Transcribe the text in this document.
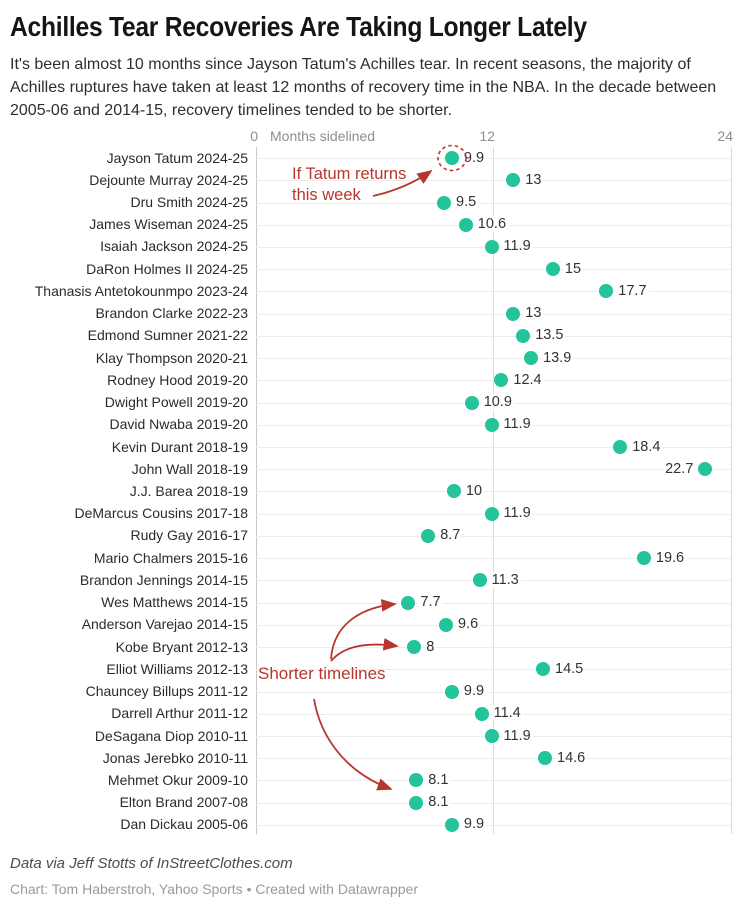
Achilles Tear Recoveries Are Taking Longer Lately

It's been almost 10 months since Jayson Tatum's Achilles tear. In recent seasons, the majority of Achilles ruptures have taken at least 12 months of recovery time in the NBA. In the decade between 2005-06 and 2014-15, recovery timelines tended to be shorter.

0 Months sidelined	12	24
Jayson Tatum 2024-25	9.9
Dejounte Murray 2024-25	13
Dru Smith 2024-25	9.5
James Wiseman 2024-25	10.6
Isaiah Jackson 2024-25	11.9
DaRon Holmes II 2024-25	15
Thanasis Antetokounmpo 2023-24	17.7
Brandon Clarke 2022-23	13
Edmond Sumner 2021-22	13.5
Klay Thompson 2020-21	13.9
Rodney Hood 2019-20	12.4
Dwight Powell 2019-20	10.9
David Nwaba 2019-20	11.9
Kevin Durant 2018-19	18.4
John Wall 2018-19	22.7
J.J. Barea 2018-19	10
DeMarcus Cousins 2017-18	11.9
Rudy Gay 2016-17	8.7
Mario Chalmers 2015-16	19.6
Brandon Jennings 2014-15	11.3
Wes Matthews 2014-15	7.7
Anderson Varejao 2014-15	9.6
Kobe Bryant 2012-13	8
Elliot Williams 2012-13	14.5
Chauncey Billups 2011-12	9.9
Darrell Arthur 2011-12	11.4
DeSagana Diop 2010-11	11.9
Jonas Jerebko 2010-11	14.6
Mehmet Okur 2009-10	8.1
Elton Brand 2007-08	8.1
Dan Dickau 2005-06	9.9
If Tatum returns this week
Shorter timelines
Data via Jeff Stotts of InStreetClothes.com
Chart: Tom Haberstroh, Yahoo Sports • Created with Datawrapper
